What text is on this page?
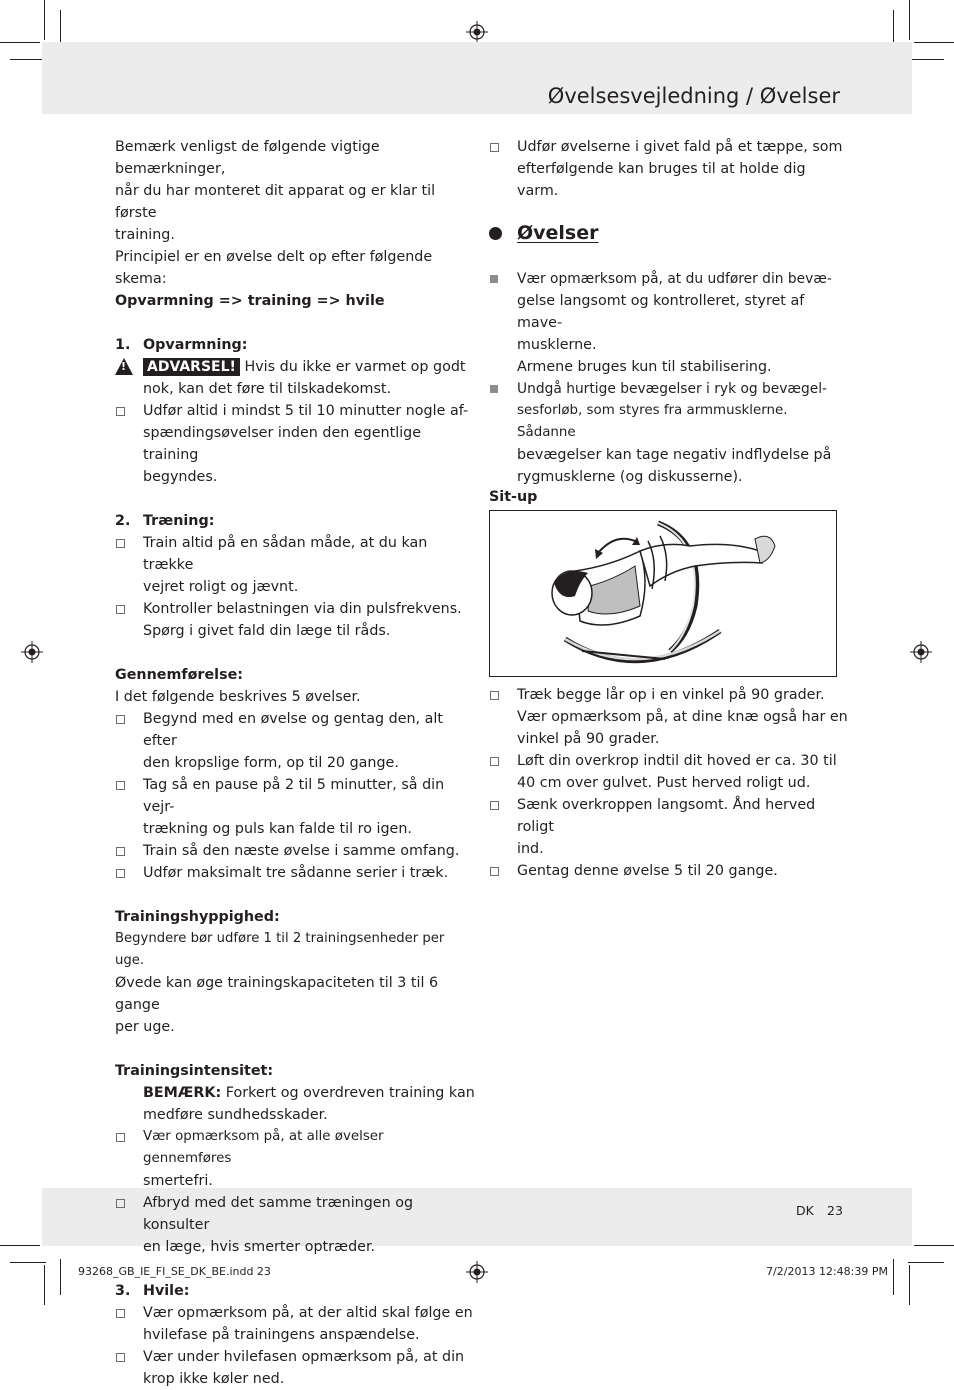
Øvelsesvejledning / Øvelser
DK 23
93268_GB_IE_FI_SE_DK_BE.indd 23	7/2/2013 12:48:39 PM

Bemærk venligst de følgende vigtige bemærkninger,

når du har monteret dit apparat og er klar til første

training.

Principiel er en øvelse delt op efter følgende skema:

Opvarmning => training => hvile

1. Opvarmning:
! ADVARSEL! Hvis du ikke er varmet op godt

nok, kan det føre til tilskadekomst.

Udfør altid i mindst 5 til 10 minutter nogle af-

spændingsøvelser inden den egentlige training

begyndes.

2. Træning:

Train altid på en sådan måde, at du kan trække

vejret roligt og jævnt.

Kontroller belastningen via din pulsfrekvens.

Spørg i givet fald din læge til råds.

Gennemførelse:

I det følgende beskrives 5 øvelser.

Begynd med en øvelse og gentag den, alt efter

den kropslige form, op til 20 gange.

Tag så en pause på 2 til 5 minutter, så din vejr-

trækning og puls kan falde til ro igen.

Train så den næste øvelse i samme omfang.

Udfør maksimalt tre sådanne serier i træk.

Trainingshyppighed:

Begyndere bør udføre 1 til 2 trainingsenheder per uge.

Øvede kan øge trainingskapaciteten til 3 til 6 gange

per uge.

Trainingsintensitet:

BEMÆRK: Forkert og overdreven training kan

medføre sundhedsskader.

Vær opmærksom på, at alle øvelser gennemføres

smertefri.

Afbryd med det samme træningen og konsulter

en læge, hvis smerter optræder.

3. Hvile:

Vær opmærksom på, at der altid skal følge en

hvilefase på trainingens anspændelse.

Vær under hvilefasen opmærksom på, at din

krop ikke køler ned.

Udfør øvelserne i givet fald på et tæppe, som

efterfølgende kan bruges til at holde dig varm.

Øvelser

Vær opmærksom på, at du udfører din bevæ-

gelse langsomt og kontrolleret, styret af mave-

musklerne.

Armene bruges kun til stabilisering.

Undgå hurtige bevægelser i ryk og bevægel-

sesforløb, som styres fra armmusklerne. Sådanne

bevægelser kan tage negativ indflydelse på

rygmusklerne (og diskusserne).

Sit-up

Træk begge lår op i en vinkel på 90 grader.

Vær opmærksom på, at dine knæ også har en

vinkel på 90 grader.

Løft din overkrop indtil dit hoved er ca. 30 til

40 cm over gulvet. Pust herved roligt ud.

Sænk overkroppen langsomt. Ånd herved roligt

ind.

Gentag denne øvelse 5 til 20 gange.
